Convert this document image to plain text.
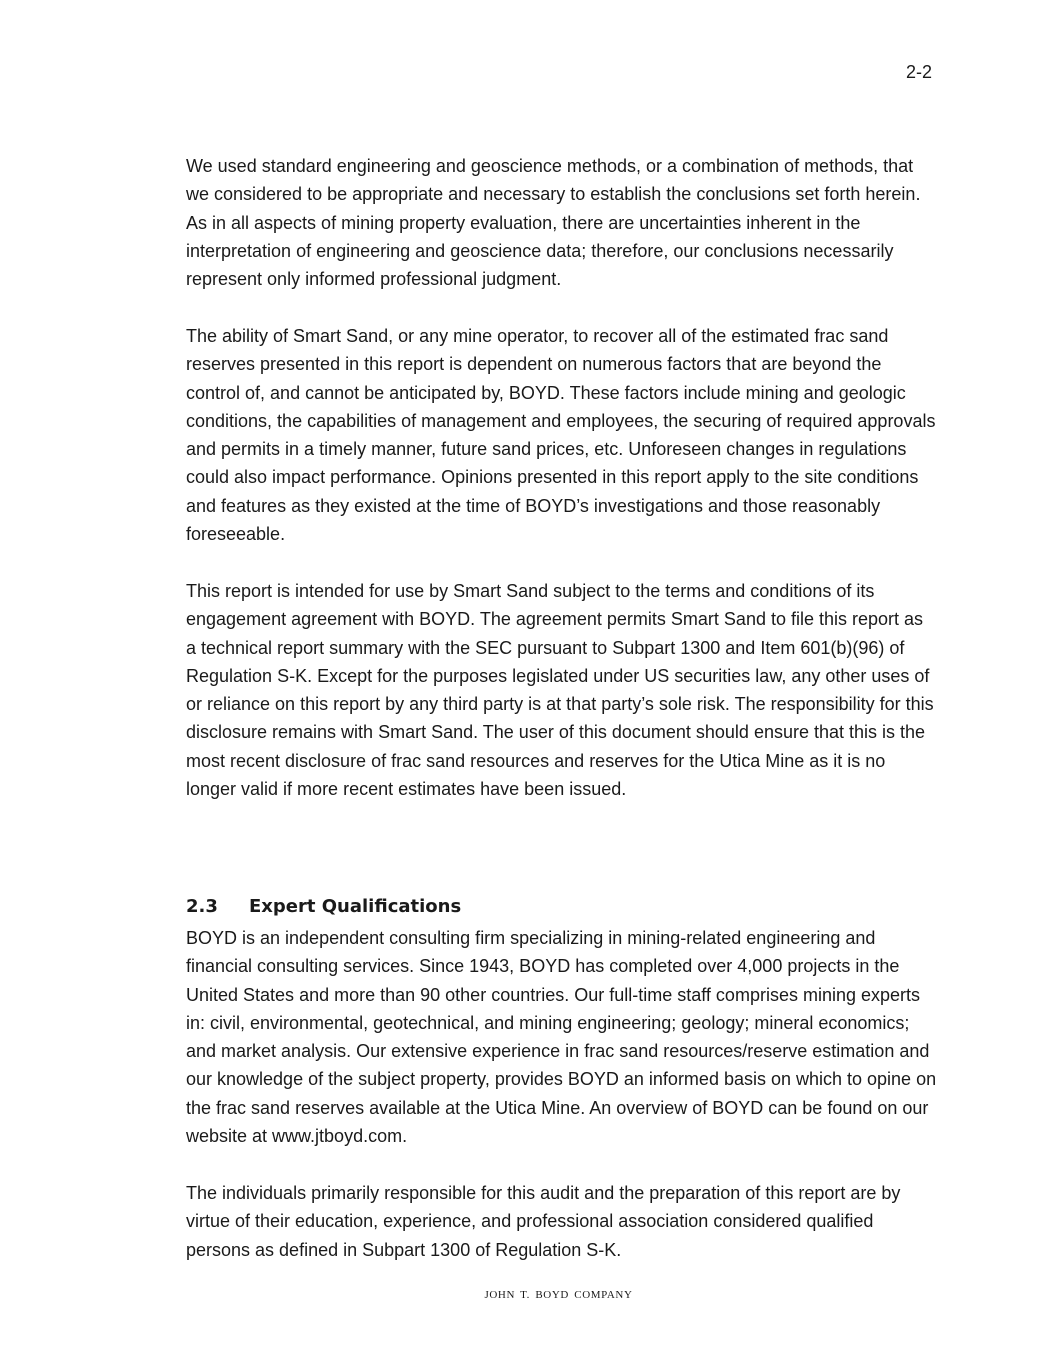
2-2

We used standard engineering and geoscience methods, or a combination of methods, that we considered to be appropriate and necessary to establish the conclusions set forth herein. As in all aspects of mining property evaluation, there are uncertainties inherent in the interpretation of engineering and geoscience data; therefore, our conclusions necessarily represent only informed professional judgment.

The ability of Smart Sand, or any mine operator, to recover all of the estimated frac sand reserves presented in this report is dependent on numerous factors that are beyond the control of, and cannot be anticipated by, BOYD. These factors include mining and geologic conditions, the capabilities of management and employees, the securing of required approvals and permits in a timely manner, future sand prices, etc. Unforeseen changes in regulations could also impact performance. Opinions presented in this report apply to the site conditions and features as they existed at the time of BOYD’s investigations and those reasonably foreseeable.

This report is intended for use by Smart Sand subject to the terms and conditions of its engagement agreement with BOYD. The agreement permits Smart Sand to file this report as a technical report summary with the SEC pursuant to Subpart 1300 and Item 601(b)(96) of Regulation S-K. Except for the purposes legislated under US securities law, any other uses of or reliance on this report by any third party is at that party’s sole risk. The responsibility for this disclosure remains with Smart Sand. The user of this document should ensure that this is the most recent disclosure of frac sand resources and reserves for the Utica Mine as it is no longer valid if more recent estimates have been issued.

2.3 Expert Qualifications

BOYD is an independent consulting firm specializing in mining-related engineering and financial consulting services. Since 1943, BOYD has completed over 4,000 projects in the United States and more than 90 other countries. Our full-time staff comprises mining experts in: civil, environmental, geotechnical, and mining engineering; geology; mineral economics; and market analysis. Our extensive experience in frac sand resources/reserve estimation and our knowledge of the subject property, provides BOYD an informed basis on which to opine on the frac sand reserves available at the Utica Mine. An overview of BOYD can be found on our website at www.jtboyd.com.

The individuals primarily responsible for this audit and the preparation of this report are by virtue of their education, experience, and professional association considered qualified persons as defined in Subpart 1300 of Regulation S-K.

JOHN T. BOYD COMPANY
